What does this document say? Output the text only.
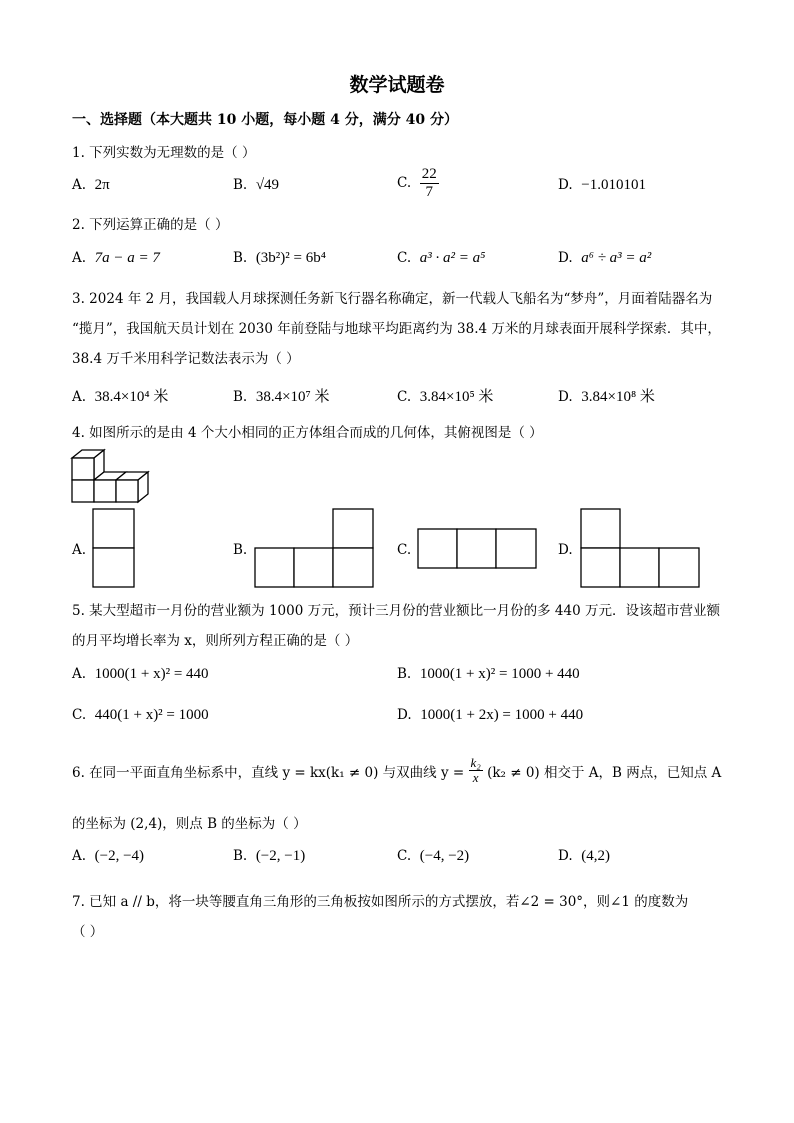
数学试题卷
一、选择题（本大题共 10 小题，每小题 4 分，满分 40 分）
1. 下列实数为无理数的是（ ）
A. 2π	B. √49	C. $\frac{22}{7}$	D. −1.010101
2. 下列运算正确的是（ ）
A. 7a − a = 7	B. (3b²)² = 6b⁴	C. a³ · a² = a⁵	D. a⁶ ÷ a³ = a²
3. 2024 年 2 月，我国载人月球探测任务新飞行器名称确定，新一代载人飞船名为“梦舟”，月面着陆器名为
“揽月”，我国航天员计划在 2030 年前登陆与地球平均距离约为 38.4 万米的月球表面开展科学探索．其中，
38.4 万千米用科学记数法表示为（ ）
A. 38.4×10⁴ 米	B. 38.4×10⁷ 米	C. 3.84×10⁵ 米	D. 3.84×10⁸ 米
4. 如图所示的是由 4 个大小相同的正方体组合而成的几何体，其俯视图是（ ）
A.	B.	C.	D.
5. 某大型超市一月份的营业额为 1000 万元，预计三月份的营业额比一月份的多 440 万元．设该超市营业额
的月平均增长率为 x，则所列方程正确的是（ ）
A. 1000(1 + x)² = 440	B. 1000(1 + x)² = 1000 + 440
C. 440(1 + x)² = 1000	D. 1000(1 + 2x) = 1000 + 440
6. 在同一平面直角坐标系中，直线 y = kx(k₁ ≠ 0) 与双曲线 $y = \frac{\text{k₂}}{x} (k_2 \ne 0)$ 相交于 A，B 两点，已知点 A
的坐标为 (2,4)，则点 B 的坐标为（ ）
A. (−2, −4)	B. (−2, −1)	C. (−4, −2)	D. (4,2)
7. 已知 a // b，将一块等腰直角三角形的三角板按如图所示的方式摆放，若∠2 = 30°，则∠1 的度数为
（ ）
